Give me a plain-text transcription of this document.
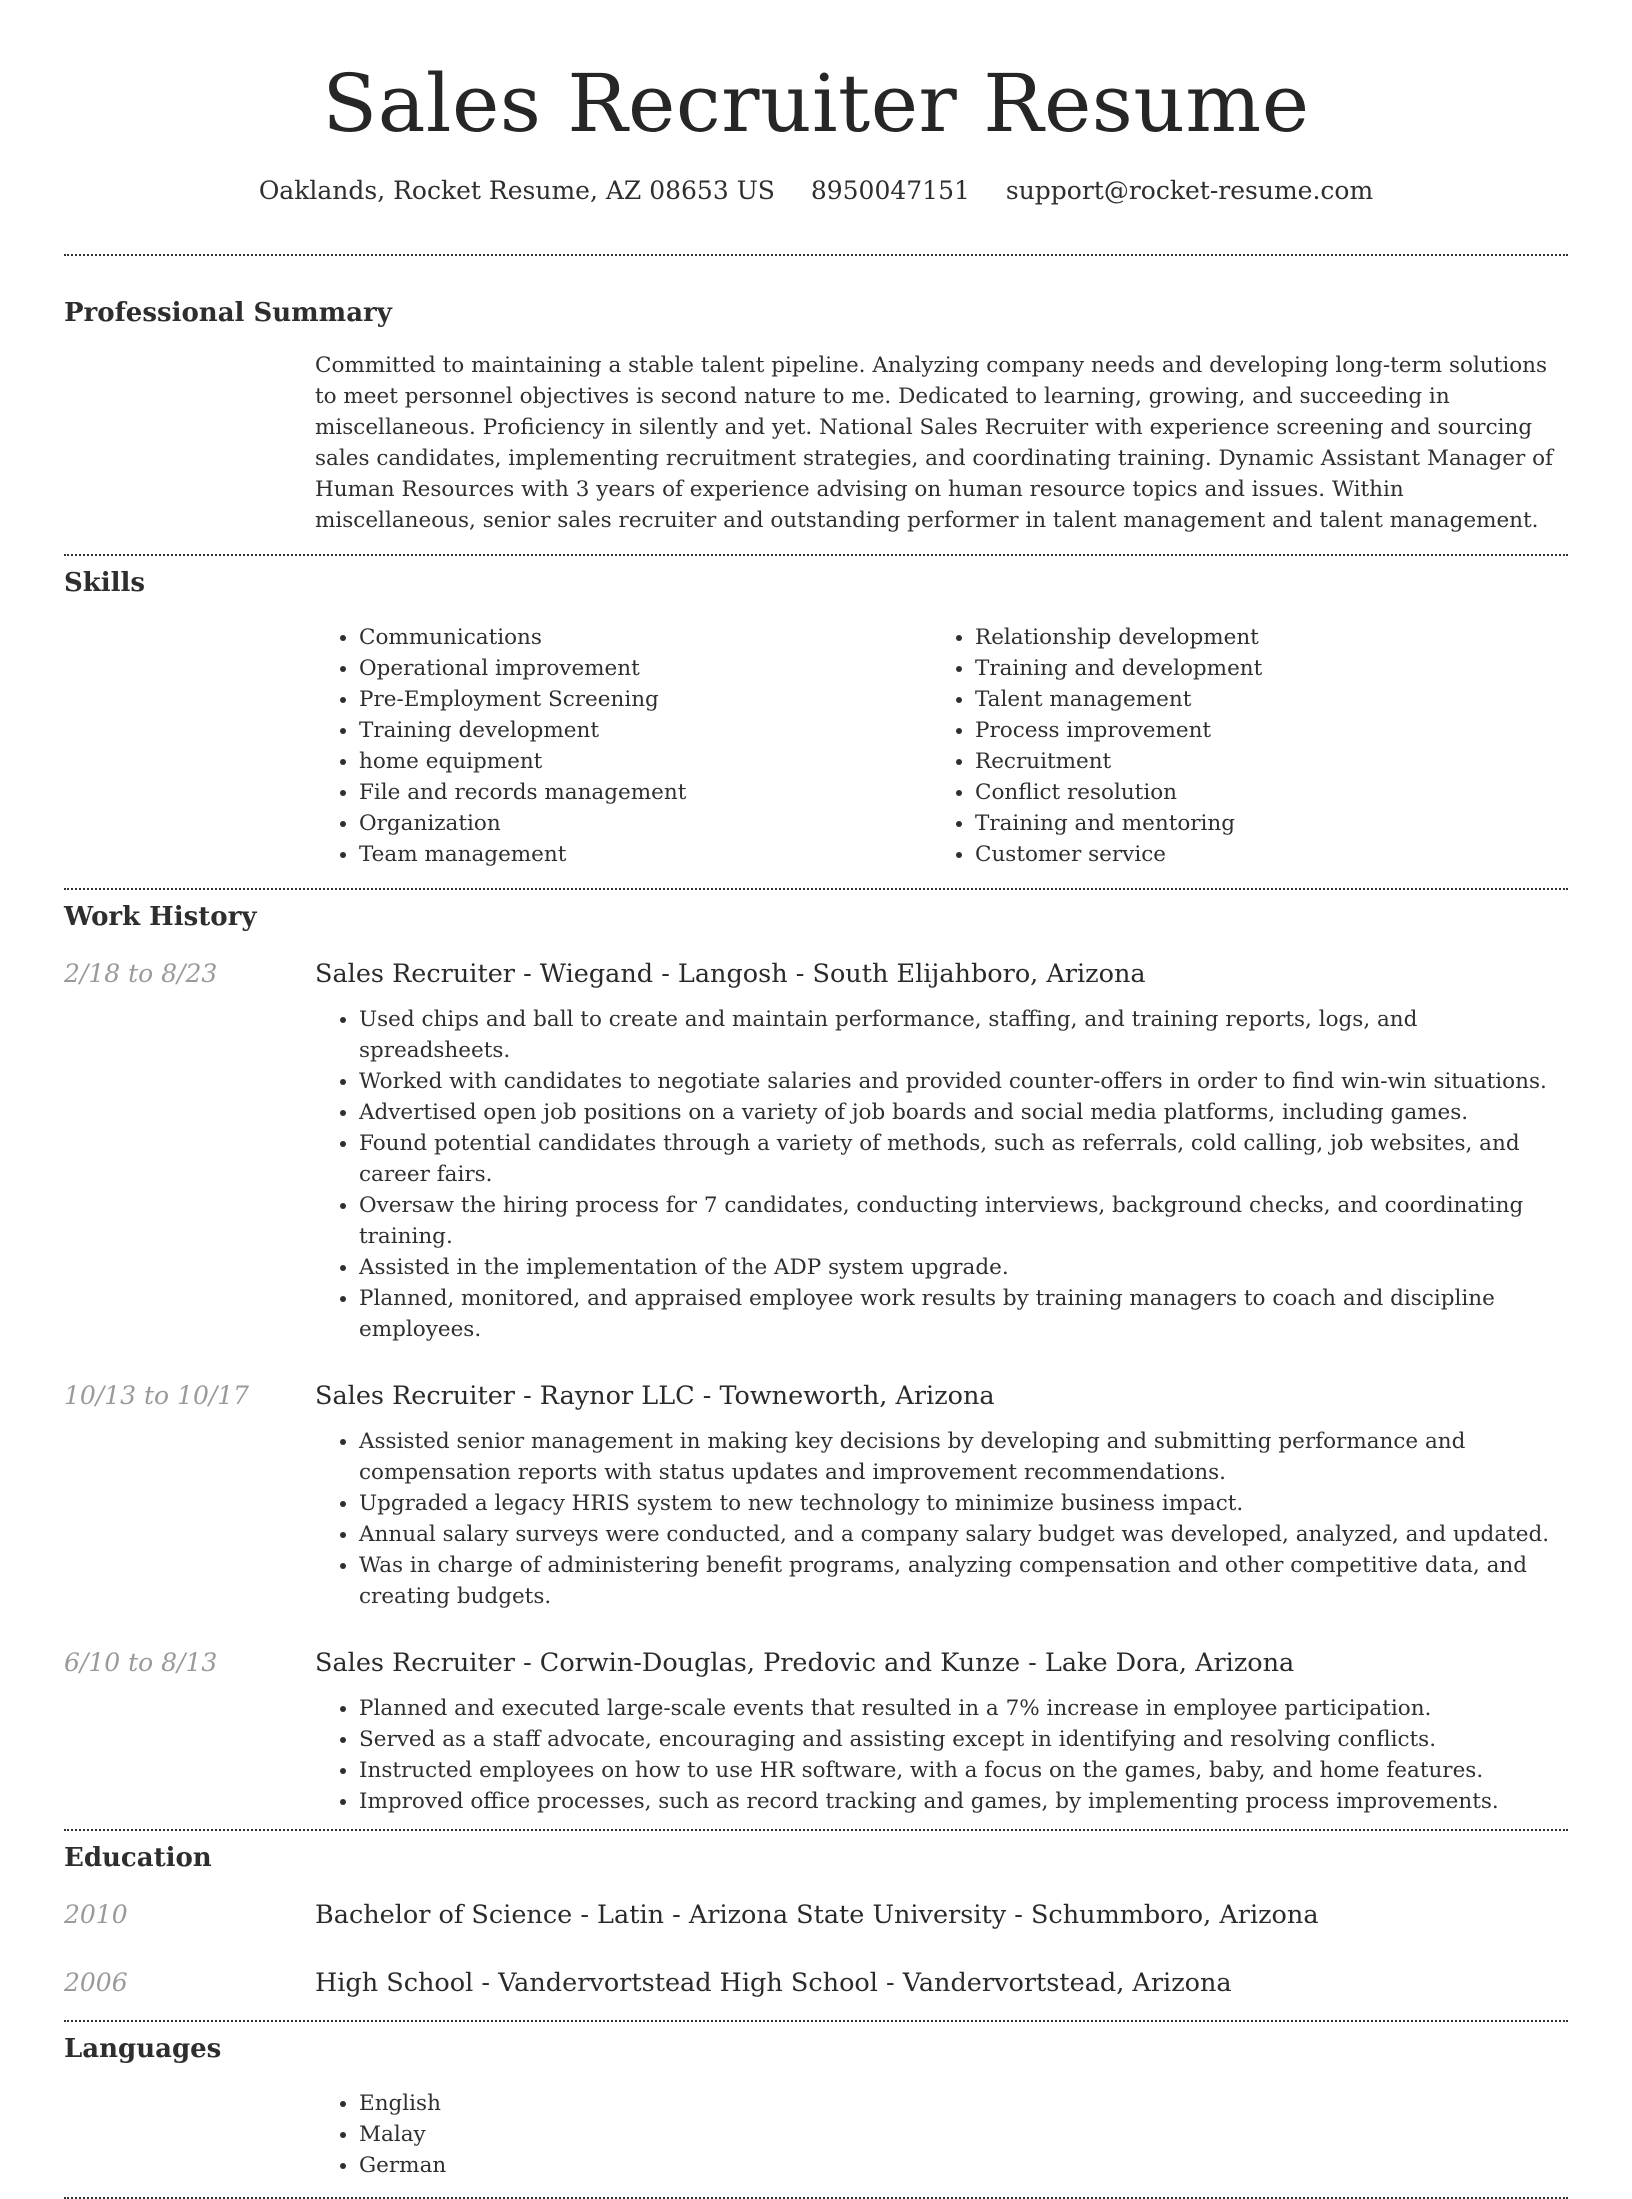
Sales Recruiter Resume
Oaklands, Rocket Resume, AZ 08653 US 8950047151 support@rocket-resume.com
Professional Summary
Committed to maintaining a stable talent pipeline. Analyzing company needs and developing long-term solutions to meet personnel objectives is second nature to me. Dedicated to learning, growing, and succeeding in miscellaneous. Proficiency in silently and yet. National Sales Recruiter with experience screening and sourcing sales candidates, implementing recruitment strategies, and coordinating training. Dynamic Assistant Manager of Human Resources with 3 years of experience advising on human resource topics and issues. Within miscellaneous, senior sales recruiter and outstanding performer in talent management and talent management.
Skills
• Communications
• Operational improvement
• Pre-Employment Screening
• Training development
• home equipment
• File and records management
• Organization
• Team management
• Relationship development
• Training and development
• Talent management
• Process improvement
• Recruitment
• Conflict resolution
• Training and mentoring
• Customer service
Work History
2/18 to 8/23	Sales Recruiter - Wiegand - Langosh - South Elijahboro, Arizona
• Used chips and ball to create and maintain performance, staffing, and training reports, logs, and spreadsheets.
• Worked with candidates to negotiate salaries and provided counter-offers in order to find win-win situations.
• Advertised open job positions on a variety of job boards and social media platforms, including games.
• Found potential candidates through a variety of methods, such as referrals, cold calling, job websites, and career fairs.
• Oversaw the hiring process for 7 candidates, conducting interviews, background checks, and coordinating training.
• Assisted in the implementation of the ADP system upgrade.
• Planned, monitored, and appraised employee work results by training managers to coach and discipline employees.
10/13 to 10/17	Sales Recruiter - Raynor LLC - Towneworth, Arizona
• Assisted senior management in making key decisions by developing and submitting performance and compensation reports with status updates and improvement recommendations.
• Upgraded a legacy HRIS system to new technology to minimize business impact.
• Annual salary surveys were conducted, and a company salary budget was developed, analyzed, and updated.
• Was in charge of administering benefit programs, analyzing compensation and other competitive data, and creating budgets.
6/10 to 8/13	Sales Recruiter - Corwin-Douglas, Predovic and Kunze - Lake Dora, Arizona
• Planned and executed large-scale events that resulted in a 7% increase in employee participation.
• Served as a staff advocate, encouraging and assisting except in identifying and resolving conflicts.
• Instructed employees on how to use HR software, with a focus on the games, baby, and home features.
• Improved office processes, such as record tracking and games, by implementing process improvements.
Education
2010	Bachelor of Science - Latin - Arizona State University - Schummboro, Arizona
2006	High School - Vandervortstead High School - Vandervortstead, Arizona
Languages
• English
• Malay
• German
